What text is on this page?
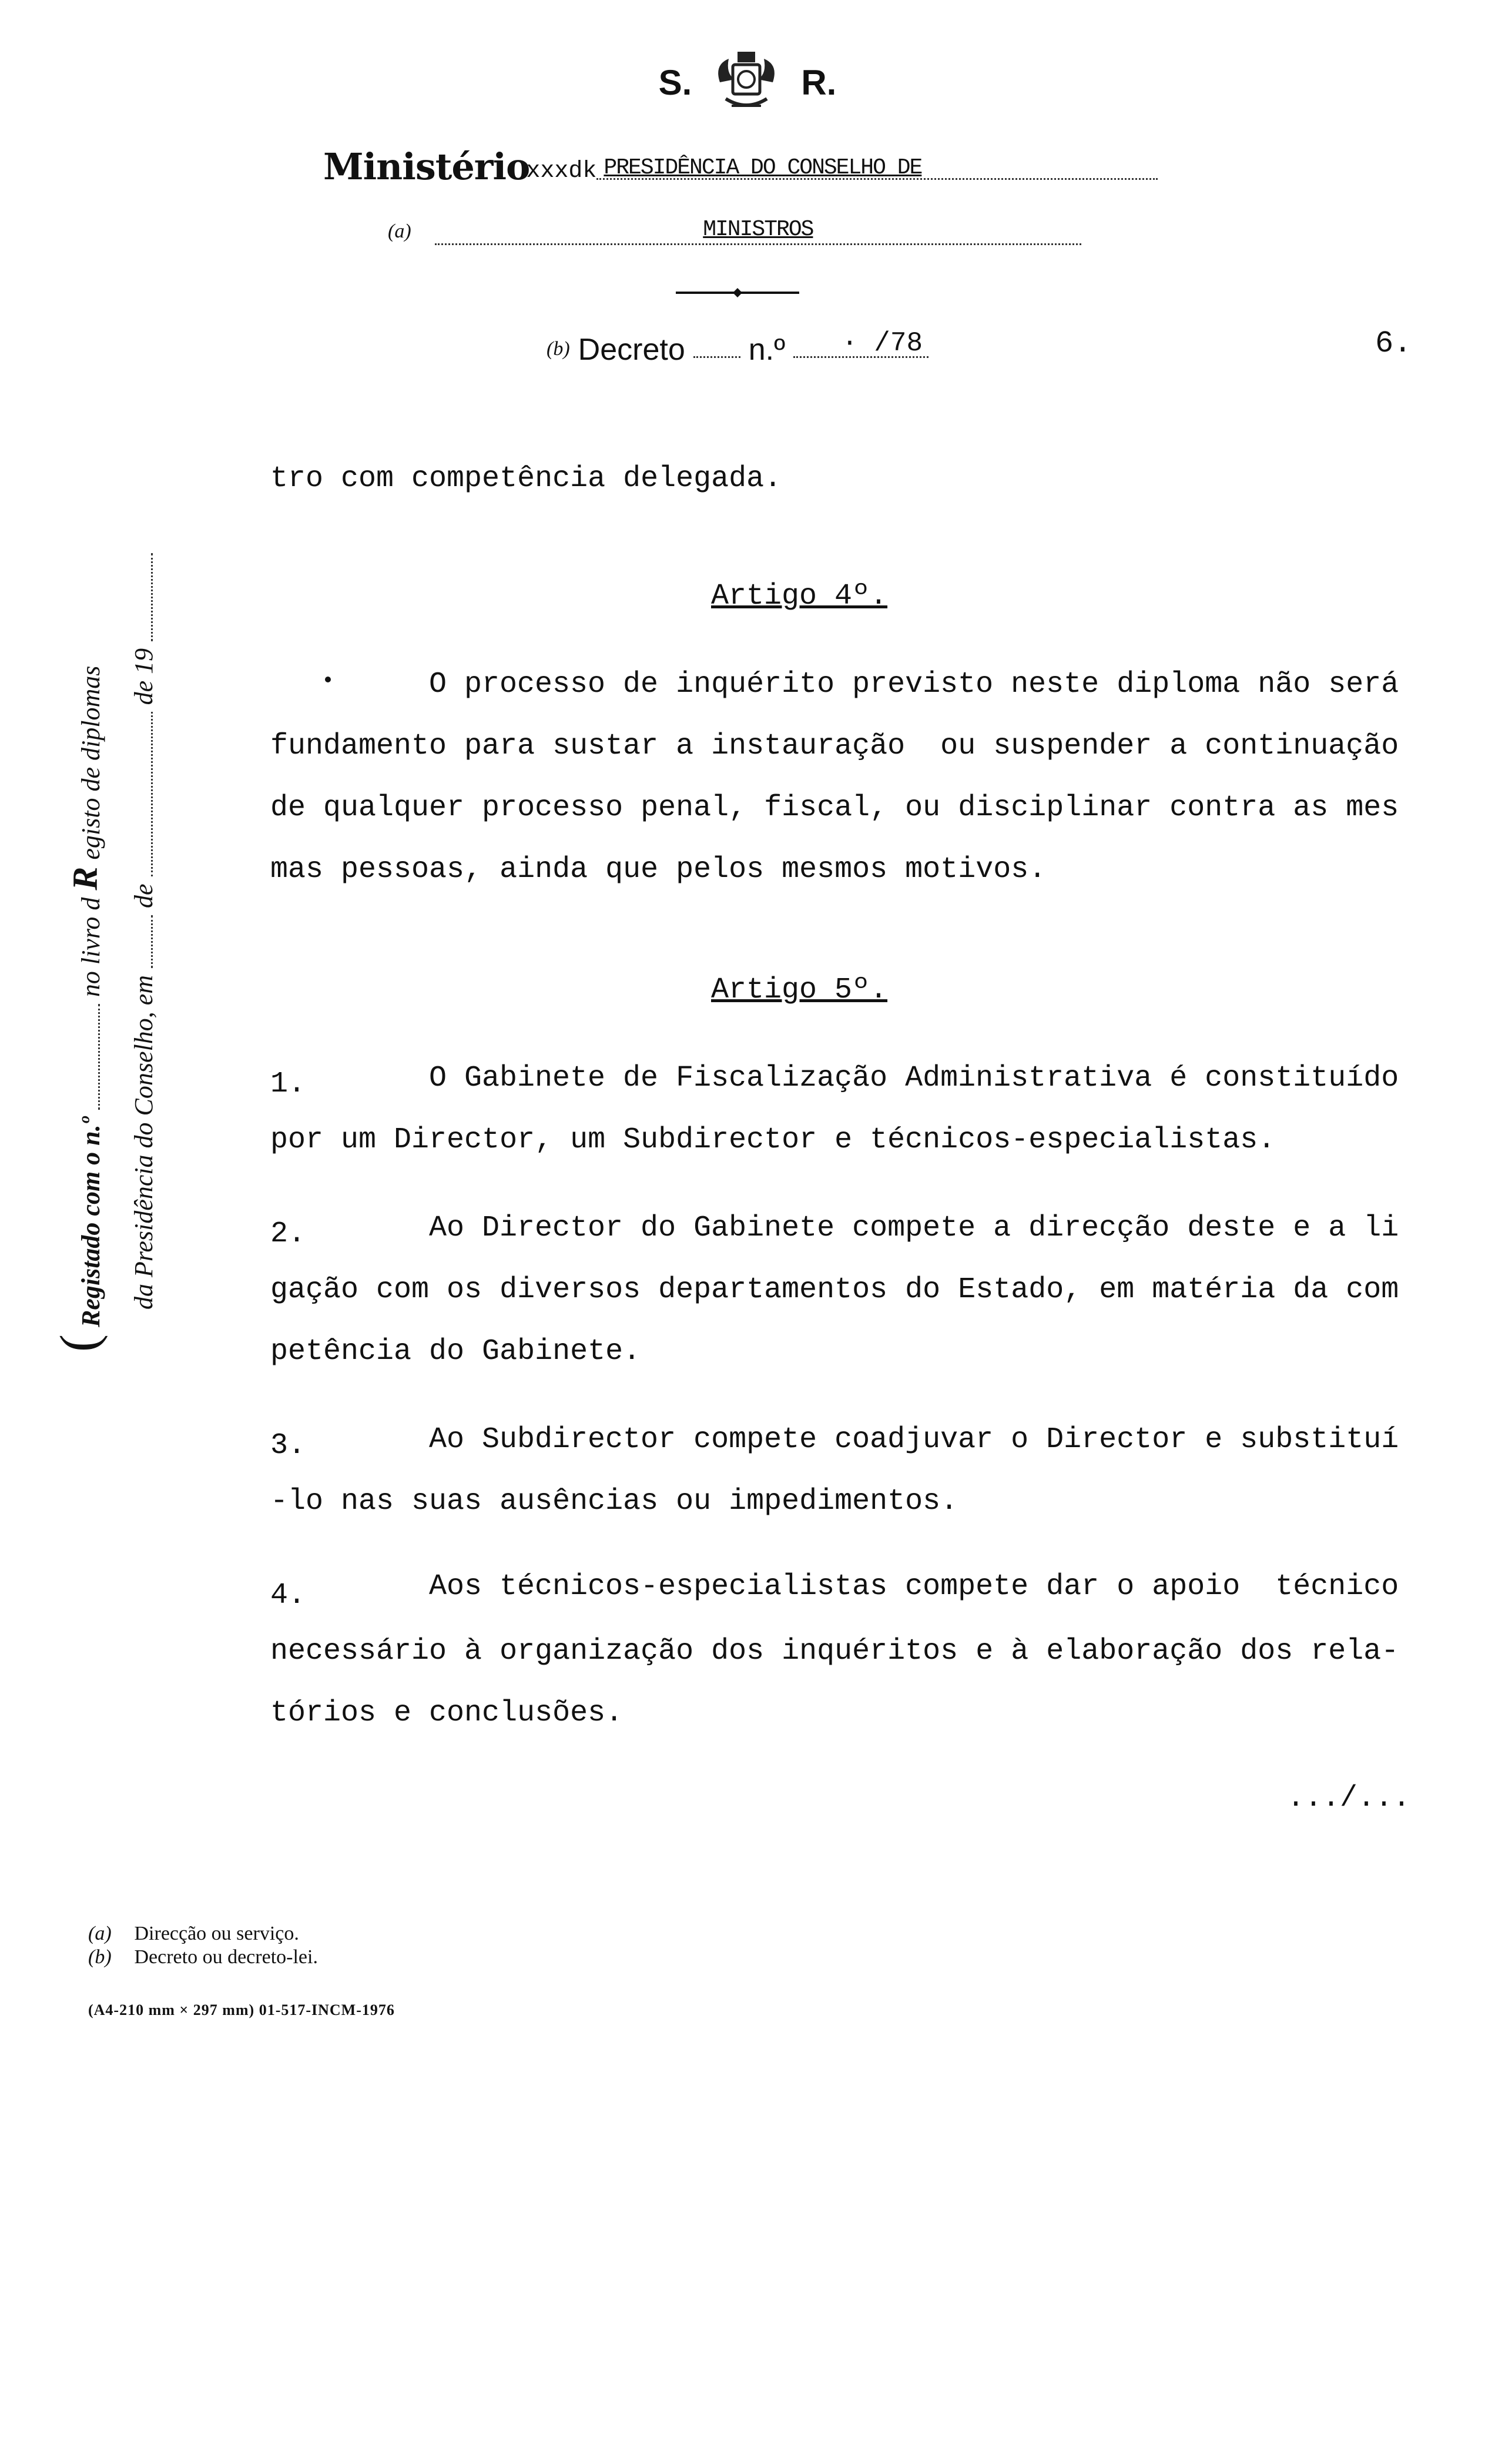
S.	R.
Ministério
xxxdk PRESIDÊNCIA DO CONSELHO DE
(a)	MINISTROS
(b) Decreto n.º · /78	6.
tro com competência delegada.
Artigo 4º.
O processo de inquérito previsto neste diploma não será
fundamento para sustar a instauração  ou suspender a continuação
de qualquer processo penal, fiscal, ou disciplinar contra as mes
mas pessoas, ainda que pelos mesmos motivos.
Artigo 5º.
1.	O Gabinete de Fiscalização Administrativa é constituído
por um Director, um Subdirector e técnicos-especialistas.
2.	Ao Director do Gabinete compete a direcção deste e a li
gação com os diversos departamentos do Estado, em matéria da com
petência do Gabinete.
3.	Ao Subdirector compete coadjuvar o Director e substituí
-lo nas suas ausências ou impedimentos.
4.	Aos técnicos-especialistas compete dar o apoio  técnico
necessário à organização dos inquéritos e à elaboração dos rela-
tórios e conclusões.
.../...
(
Registado com o n.º
no livro d
R
egisto de diplomas
da Presidência do Conselho, em
de
de 19
(a) Direcção ou serviço.
(b) Decreto ou decreto-lei.
(A4-210 mm × 297 mm) 01-517-INCM-1976
